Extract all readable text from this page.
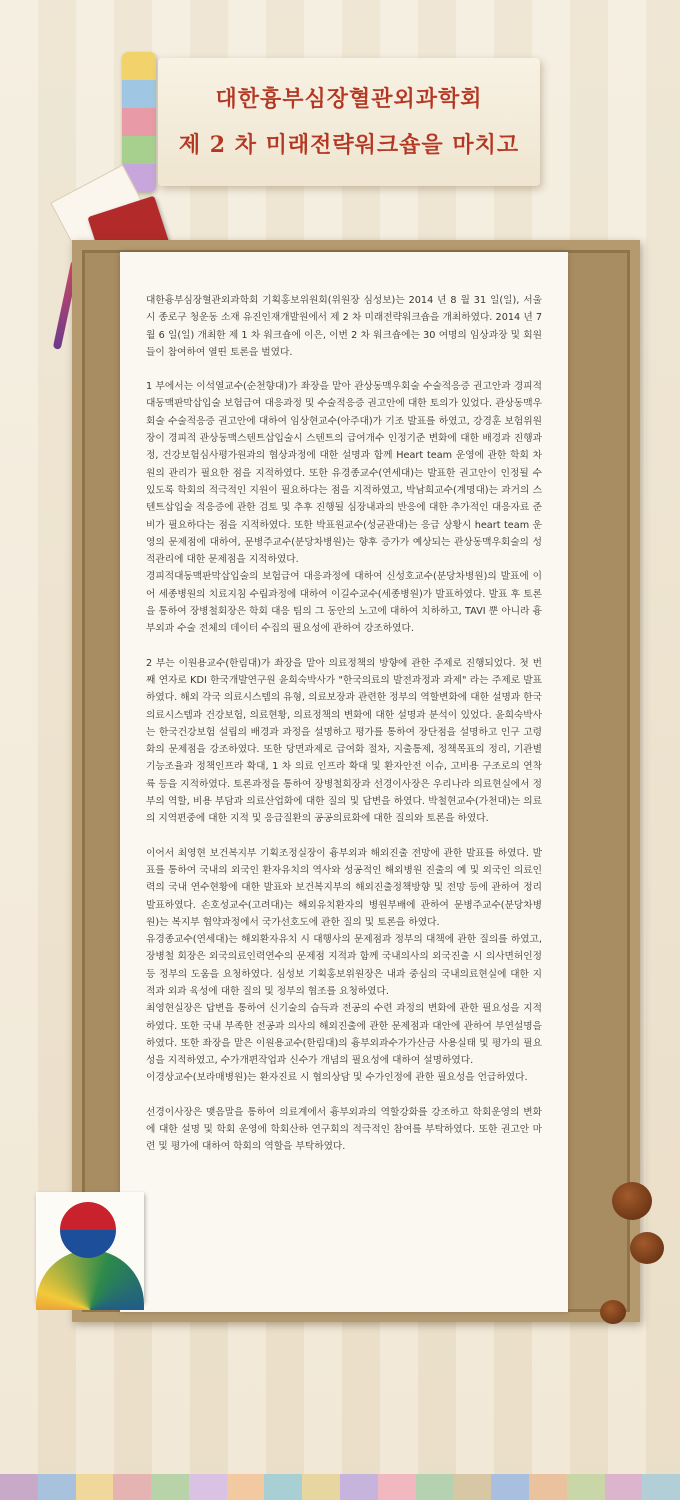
대한흉부심장혈관외과학회
제 2 차 미래전략워크숍을 마치고

대한흉부심장혈관외과학회 기획홍보위원회(위원장 심성보)는 2014 년 8 월 31 일(일), 서울시 종로구 청운동 소재 유진인재개발원에서 제 2 차 미래전략워크숍을 개최하였다. 2014 년 7 월 6 일(일) 개최한 제 1 차 워크숍에 이은, 이번 2 차 워크숍에는 30 여명의 임상과장 및 회원들이 참여하여 열띤 토론을 벌였다.

1 부에서는 이석열교수(순천향대)가 좌장을 맡아 관상동맥우회술 수술적응증 권고안과 경피적대동맥판막삽입술 보험급여 대응과정 및 수술적응증 권고안에 대한 토의가 있었다. 관상동맥우회술 수술적응증 권고안에 대하여 임상현교수(아주대)가 기조 발표를 하였고, 강경훈 보험위원장이 경피적 관상동맥스텐트삽입술시 스텐트의 급여개수 인정기준 변화에 대한 배경과 진행과정, 건강보험심사평가원과의 협상과정에 대한 설명과 함께 Heart team 운영에 관한 학회 차원의 관리가 필요한 점을 지적하였다. 또한 유경종교수(연세대)는 발표한 권고안이 인정될 수 있도록 학회의 적극적인 지원이 필요하다는 점을 지적하였고, 박남희교수(계명대)는 과거의 스텐트삽입술 적응증에 관한 검토 및 추후 진행될 심장내과의 반응에 대한 추가적인 대응자료 준비가 필요하다는 점을 지적하였다. 또한 박표원교수(성균관대)는 응급 상황시 heart team 운영의 문제점에 대하여, 문병주교수(분당차병원)는 향후 증가가 예상되는 관상동맥우회술의 성적관리에 대한 문제점을 지적하였다.

경피적대동맥판막삽입술의 보험급여 대응과정에 대하여 신성호교수(분당차병원)의 발표에 이어 세종병원의 치료지침 수립과정에 대하여 이길수교수(세종병원)가 발표하였다. 발표 후 토론을 통하여 장병철회장은 학회 대응 팀의 그 동안의 노고에 대하여 치하하고, TAVI 뿐 아니라 흉부외과 수술 전체의 데이터 수집의 필요성에 관하여 강조하였다.

2 부는 이원용교수(한림대)가 좌장을 맡아 의료정책의 방향에 관한 주제로 진행되었다. 첫 번째 연자로 KDI 한국개발연구원 윤희숙박사가 "한국의료의 발전과정과 과제" 라는 주제로 발표하였다. 해외 각국 의료시스템의 유형, 의료보장과 관련한 정부의 역할변화에 대한 설명과 한국의료시스템과 건강보험, 의료현황, 의료정책의 변화에 대한 설명과 분석이 있었다. 윤희숙박사는 한국건강보험 설립의 배경과 과정을 설명하고 평가를 통하여 장단점을 설명하고 인구 고령화의 문제점을 강조하였다. 또한 당면과제로 급여화 절차, 지출통제, 정책목표의 정리, 기관별 기능조율과 정책인프라 확대, 1 차 의료 인프라 확대 및 환자안전 이슈, 고비용 구조로의 연착륙 등을 지적하였다. 토론과정을 통하여 장병철회장과 선경이사장은 우리나라 의료현실에서 정부의 역할, 비용 부담과 의료산업화에 대한 질의 및 답변을 하였다. 박철현교수(가천대)는 의료의 지역편중에 대한 지적 및 응급질환의 공공의료화에 대한 질의와 토론을 하였다.

이어서 최영현 보건복지부 기획조정실장이 흉부외과 해외진출 전망에 관한 발표를 하였다. 발표를 통하여 국내의 외국인 환자유치의 역사와 성공적인 해외병원 진출의 예 및 외국인 의료인력의 국내 연수현황에 대한 발표와 보건복지부의 해외진출정책방향 및 전망 등에 관하여 정리 발표하였다. 손호성교수(고려대)는 해외유치환자의 병원부배에 관하여 문병주교수(분당차병원)는 복지부 협약과정에서 국가선호도에 관한 질의 및 토론을 하였다.

유경종교수(연세대)는 해외환자유치 시 대행사의 문제점과 정부의 대책에 관한 질의를 하였고, 장병철 회장은 외국의료인력연수의 문제점 지적과 함께 국내의사의 외국진출 시 의사면허인정 등 정부의 도움을 요청하였다. 심성보 기획홍보위원장은 내과 중심의 국내의료현실에 대한 지적과 외과 육성에 대한 질의 및 정부의 협조를 요청하였다.

최영현실장은 답변을 통하여 신기술의 습득과 전공의 수련 과정의 변화에 관한 필요성을 지적하였다. 또한 국내 부족한 전공과 의사의 해외진출에 관한 문제점과 대안에 관하여 부연설명을 하였다. 또한 좌장을 맡은 이원용교수(한림대)의 흉부외과수가가산금 사용실태 및 평가의 필요성을 지적하였고, 수가개편작업과 신수가 개념의 필요성에 대하여 설명하였다.

이경상교수(보라매병원)는 환자진료 시 협의상담 및 수가인정에 관한 필요성을 언급하였다.

선경이사장은 맺음말을 통하여 의료계에서 흉부외과의 역할강화를 강조하고 학회운영의 변화에 대한 설명 및 학회 운영에 학회산하 연구회의 적극적인 참여를 부탁하였다. 또한 권고안 마련 및 평가에 대하여 학회의 역할을 부탁하였다.
